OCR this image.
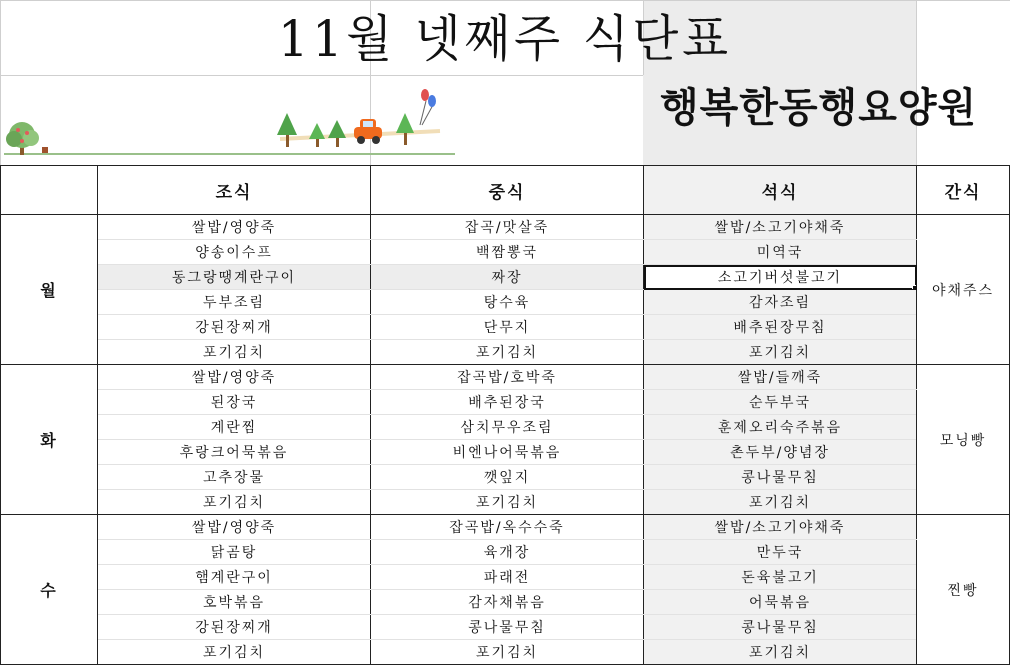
11월 넷째주 식단표
행복한동행요양원
	조식	중식	석식	간식
월	쌀밥/영양죽	잡곡/맛살죽	쌀밥/소고기야채죽	야채주스
	양송이수프	백짬뽕국	미역국	
	동그랑땡계란구이	짜장	소고기버섯불고기	
	두부조림	탕수육	감자조림	
	강된장찌개	단무지	배추된장무침	
	포기김치	포기김치	포기김치	
화	쌀밥/영양죽	잡곡밥/호박죽	쌀밥/들깨죽	모닝빵
	된장국	배추된장국	순두부국	
	계란찜	삼치무우조림	훈제오리숙주볶음	
	후랑크어묵볶음	비엔나어묵볶음	촌두부/양념장	
	고추장물	깻잎지	콩나물무침	
	포기김치	포기김치	포기김치	
수	쌀밥/영양죽	잡곡밥/옥수수죽	쌀밥/소고기야채죽	찐빵
	닭곰탕	육개장	만두국	
	햄계란구이	파래전	돈육불고기	
	호박볶음	감자채볶음	어묵볶음	
	강된장찌개	콩나물무침	콩나물무침	
	포기김치	포기김치	포기김치	
